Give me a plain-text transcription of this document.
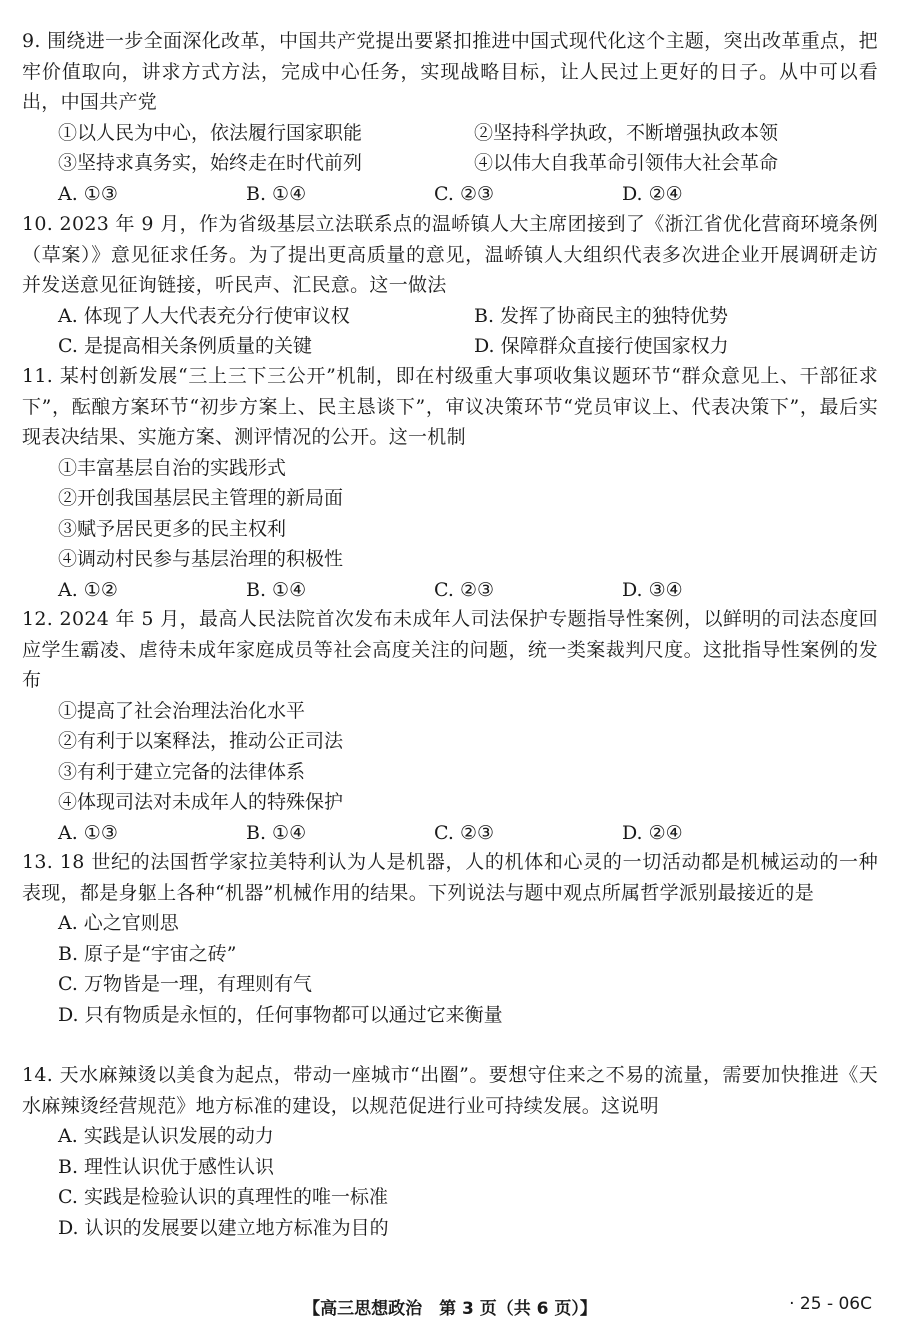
9. 围绕进一步全面深化改革，中国共产党提出要紧扣推进中国式现代化这个主题，突出改革重点，把牢价值取向，讲求方式方法，完成中心任务，实现战略目标，让人民过上更好的日子。从中可以看出，中国共产党
①以人民为中心，依法履行国家职能	②坚持科学执政，不断增强执政本领
③坚持求真务实，始终走在时代前列	④以伟大自我革命引领伟大社会革命
A. ①③	B. ①④	C. ②③	D. ②④
10. 2023 年 9 月，作为省级基层立法联系点的温峤镇人大主席团接到了《浙江省优化营商环境条例（草案）》意见征求任务。为了提出更高质量的意见，温峤镇人大组织代表多次进企业开展调研走访并发送意见征询链接，听民声、汇民意。这一做法
A. 体现了人大代表充分行使审议权	B. 发挥了协商民主的独特优势
C. 是提高相关条例质量的关键	D. 保障群众直接行使国家权力
11. 某村创新发展“三上三下三公开”机制，即在村级重大事项收集议题环节“群众意见上、干部征求下”，酝酿方案环节“初步方案上、民主恳谈下”，审议决策环节“党员审议上、代表决策下”，最后实现表决结果、实施方案、测评情况的公开。这一机制
①丰富基层自治的实践形式
②开创我国基层民主管理的新局面
③赋予居民更多的民主权利
④调动村民参与基层治理的积极性
A. ①②	B. ①④	C. ②③	D. ③④
12. 2024 年 5 月，最高人民法院首次发布未成年人司法保护专题指导性案例，以鲜明的司法态度回应学生霸凌、虐待未成年家庭成员等社会高度关注的问题，统一类案裁判尺度。这批指导性案例的发布
①提高了社会治理法治化水平
②有利于以案释法，推动公正司法
③有利于建立完备的法律体系
④体现司法对未成年人的特殊保护
A. ①③	B. ①④	C. ②③	D. ②④
13. 18 世纪的法国哲学家拉美特利认为人是机器，人的机体和心灵的一切活动都是机械运动的一种表现，都是身躯上各种“机器”机械作用的结果。下列说法与题中观点所属哲学派别最接近的是
A. 心之官则思
B. 原子是“宇宙之砖”
C. 万物皆是一理，有理则有气
D. 只有物质是永恒的，任何事物都可以通过它来衡量
14. 天水麻辣烫以美食为起点，带动一座城市“出圈”。要想守住来之不易的流量，需要加快推进《天水麻辣烫经营规范》地方标准的建设，以规范促进行业可持续发展。这说明
A. 实践是认识发展的动力
B. 理性认识优于感性认识
C. 实践是检验认识的真理性的唯一标准
D. 认识的发展要以建立地方标准为目的
【高三思想政治　第 3 页（共 6 页）】	· 25 - 06C
